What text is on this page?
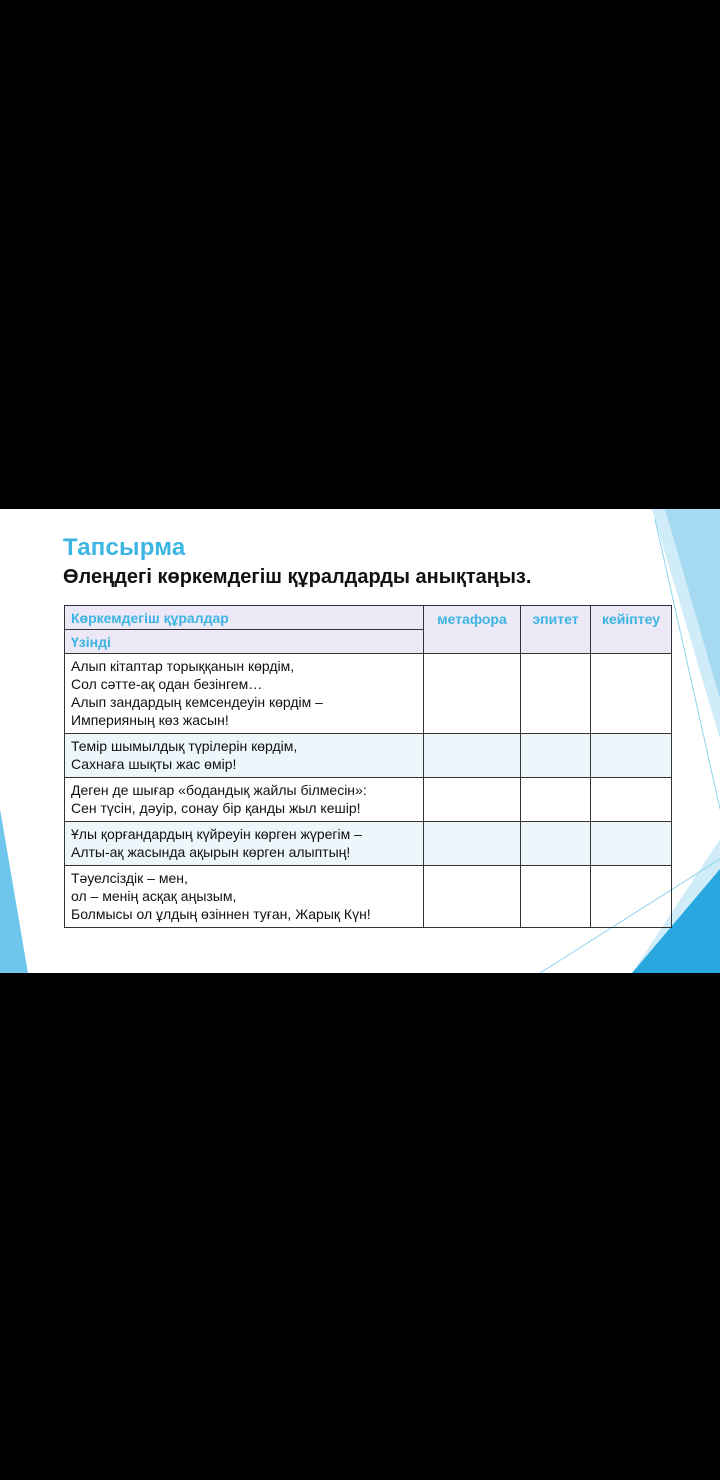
Тапсырма
Өлеңдегі көркемдегіш құралдарды анықтаңыз.
Көркемдегіш құралдар	метафора	эпитет	кейіптеу
Үзінді			

Алып кітаптар торыққанын көрдім,
Сол сәтте-ақ одан безінгем…
Алып зандардың кемсендеуін көрдім –
Империяның көз жасын!			

Темір шымылдық түрілерін көрдім,
Сахнаға шықты жас өмір!			

Деген де шығар «бодандық жайлы білмесін»:
Сен түсін, дәуір, сонау бір қанды жыл кешір!			

Ұлы қорғандардың күйреуін көрген жүрегім –
Алты-ақ жасында ақырын көрген алыптың!			

Тәуелсіздік – мен,
ол – менің асқақ аңызым,
Болмысы ол ұлдың өзіннен туған, Жарық Күн!			
